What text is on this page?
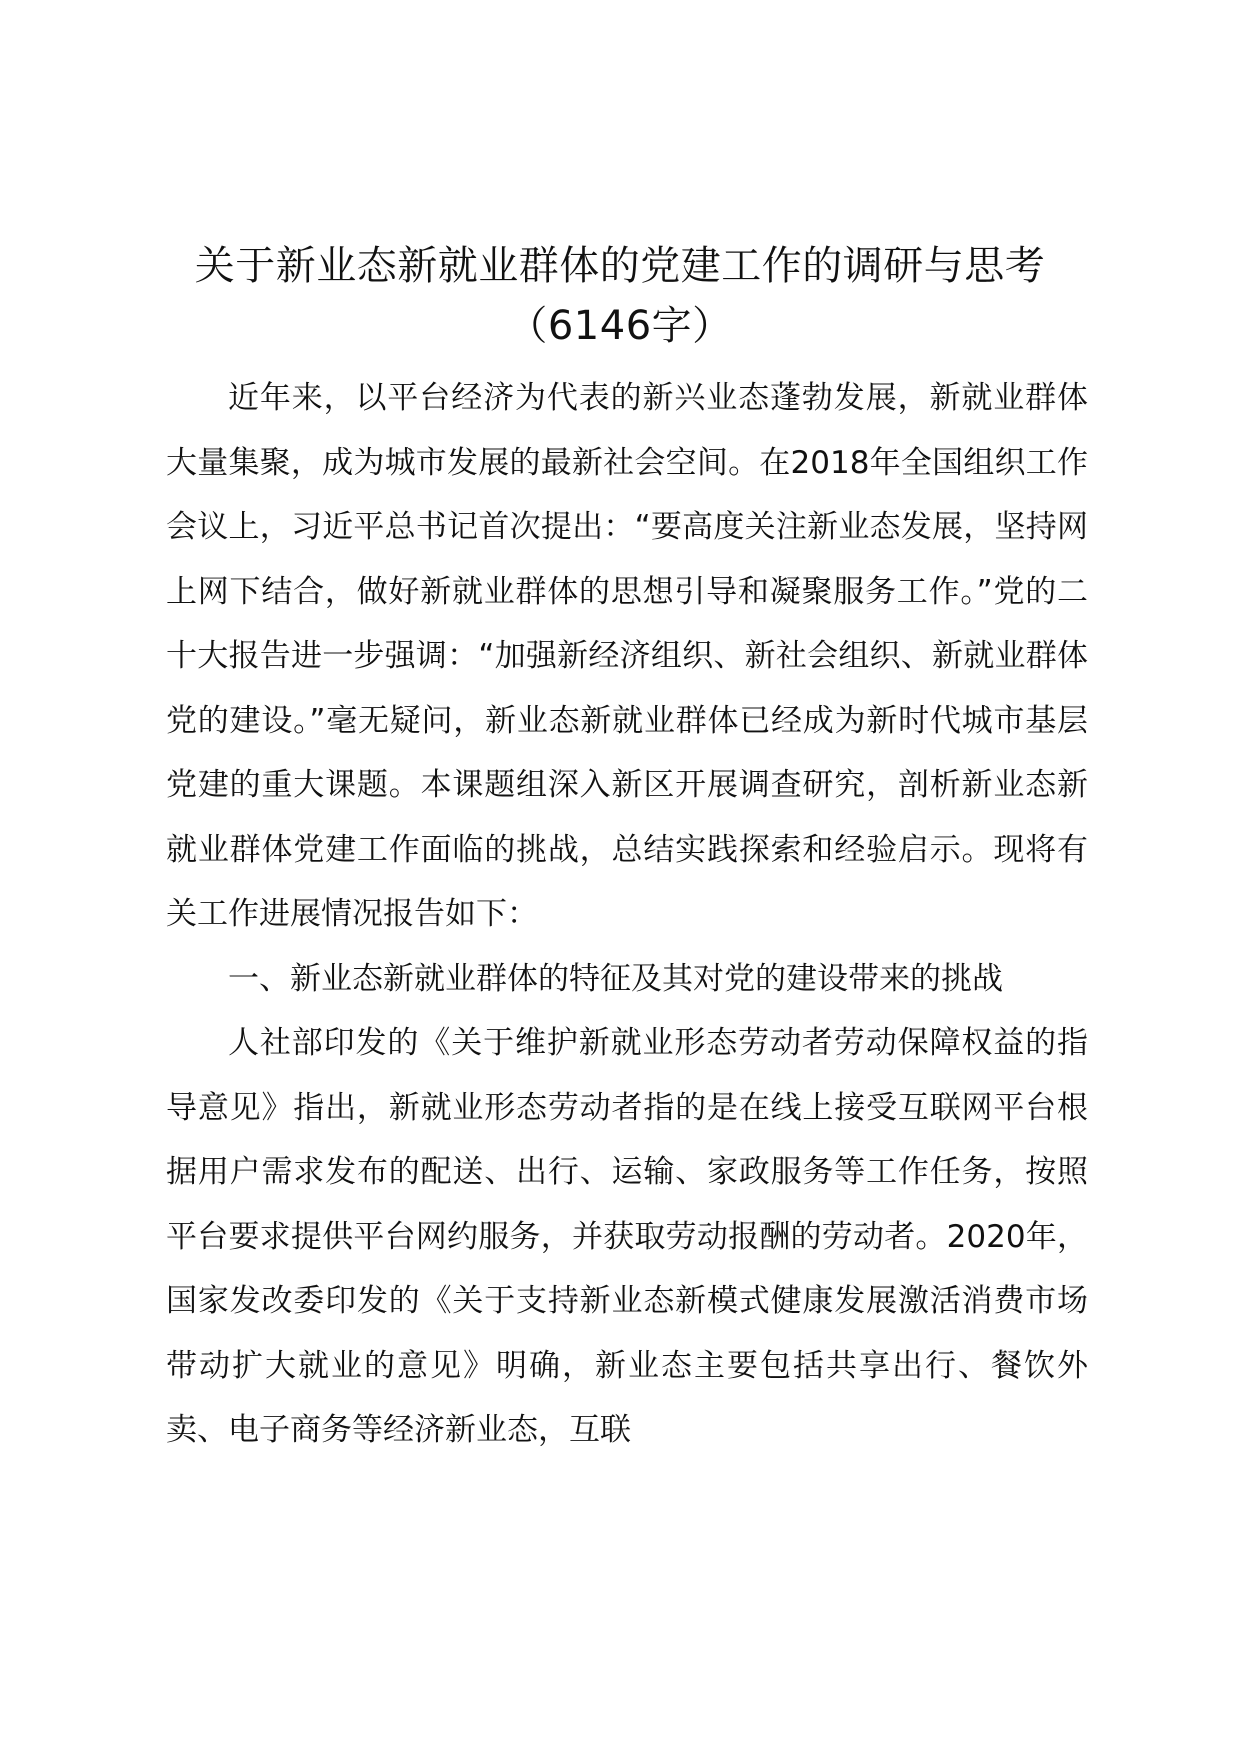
关于新业态新就业群体的党建工作的调研与思考（6146字）

近年来，以平台经济为代表的新兴业态蓬勃发展，新就业群体大量集聚，成为城市发展的最新社会空间。在2018年全国组织工作会议上，习近平总书记首次提出：“要高度关注新业态发展，坚持网上网下结合，做好新就业群体的思想引导和凝聚服务工作。”党的二十大报告进一步强调：“加强新经济组织、新社会组织、新就业群体党的建设。”毫无疑问，新业态新就业群体已经成为新时代城市基层党建的重大课题。本课题组深入新区开展调查研究，剖析新业态新就业群体党建工作面临的挑战，总结实践探索和经验启示。现将有关工作进展情况报告如下：

一、新业态新就业群体的特征及其对党的建设带来的挑战

人社部印发的《关于维护新就业形态劳动者劳动保障权益的指导意见》指出，新就业形态劳动者指的是在线上接受互联网平台根据用户需求发布的配送、出行、运输、家政服务等工作任务，按照平台要求提供平台网约服务，并获取劳动报酬的劳动者。2020年，国家发改委印发的《关于支持新业态新模式健康发展激活消费市场带动扩大就业的意见》明确，新业态主要包括共享出行、餐饮外卖、电子商务等经济新业态，互联
